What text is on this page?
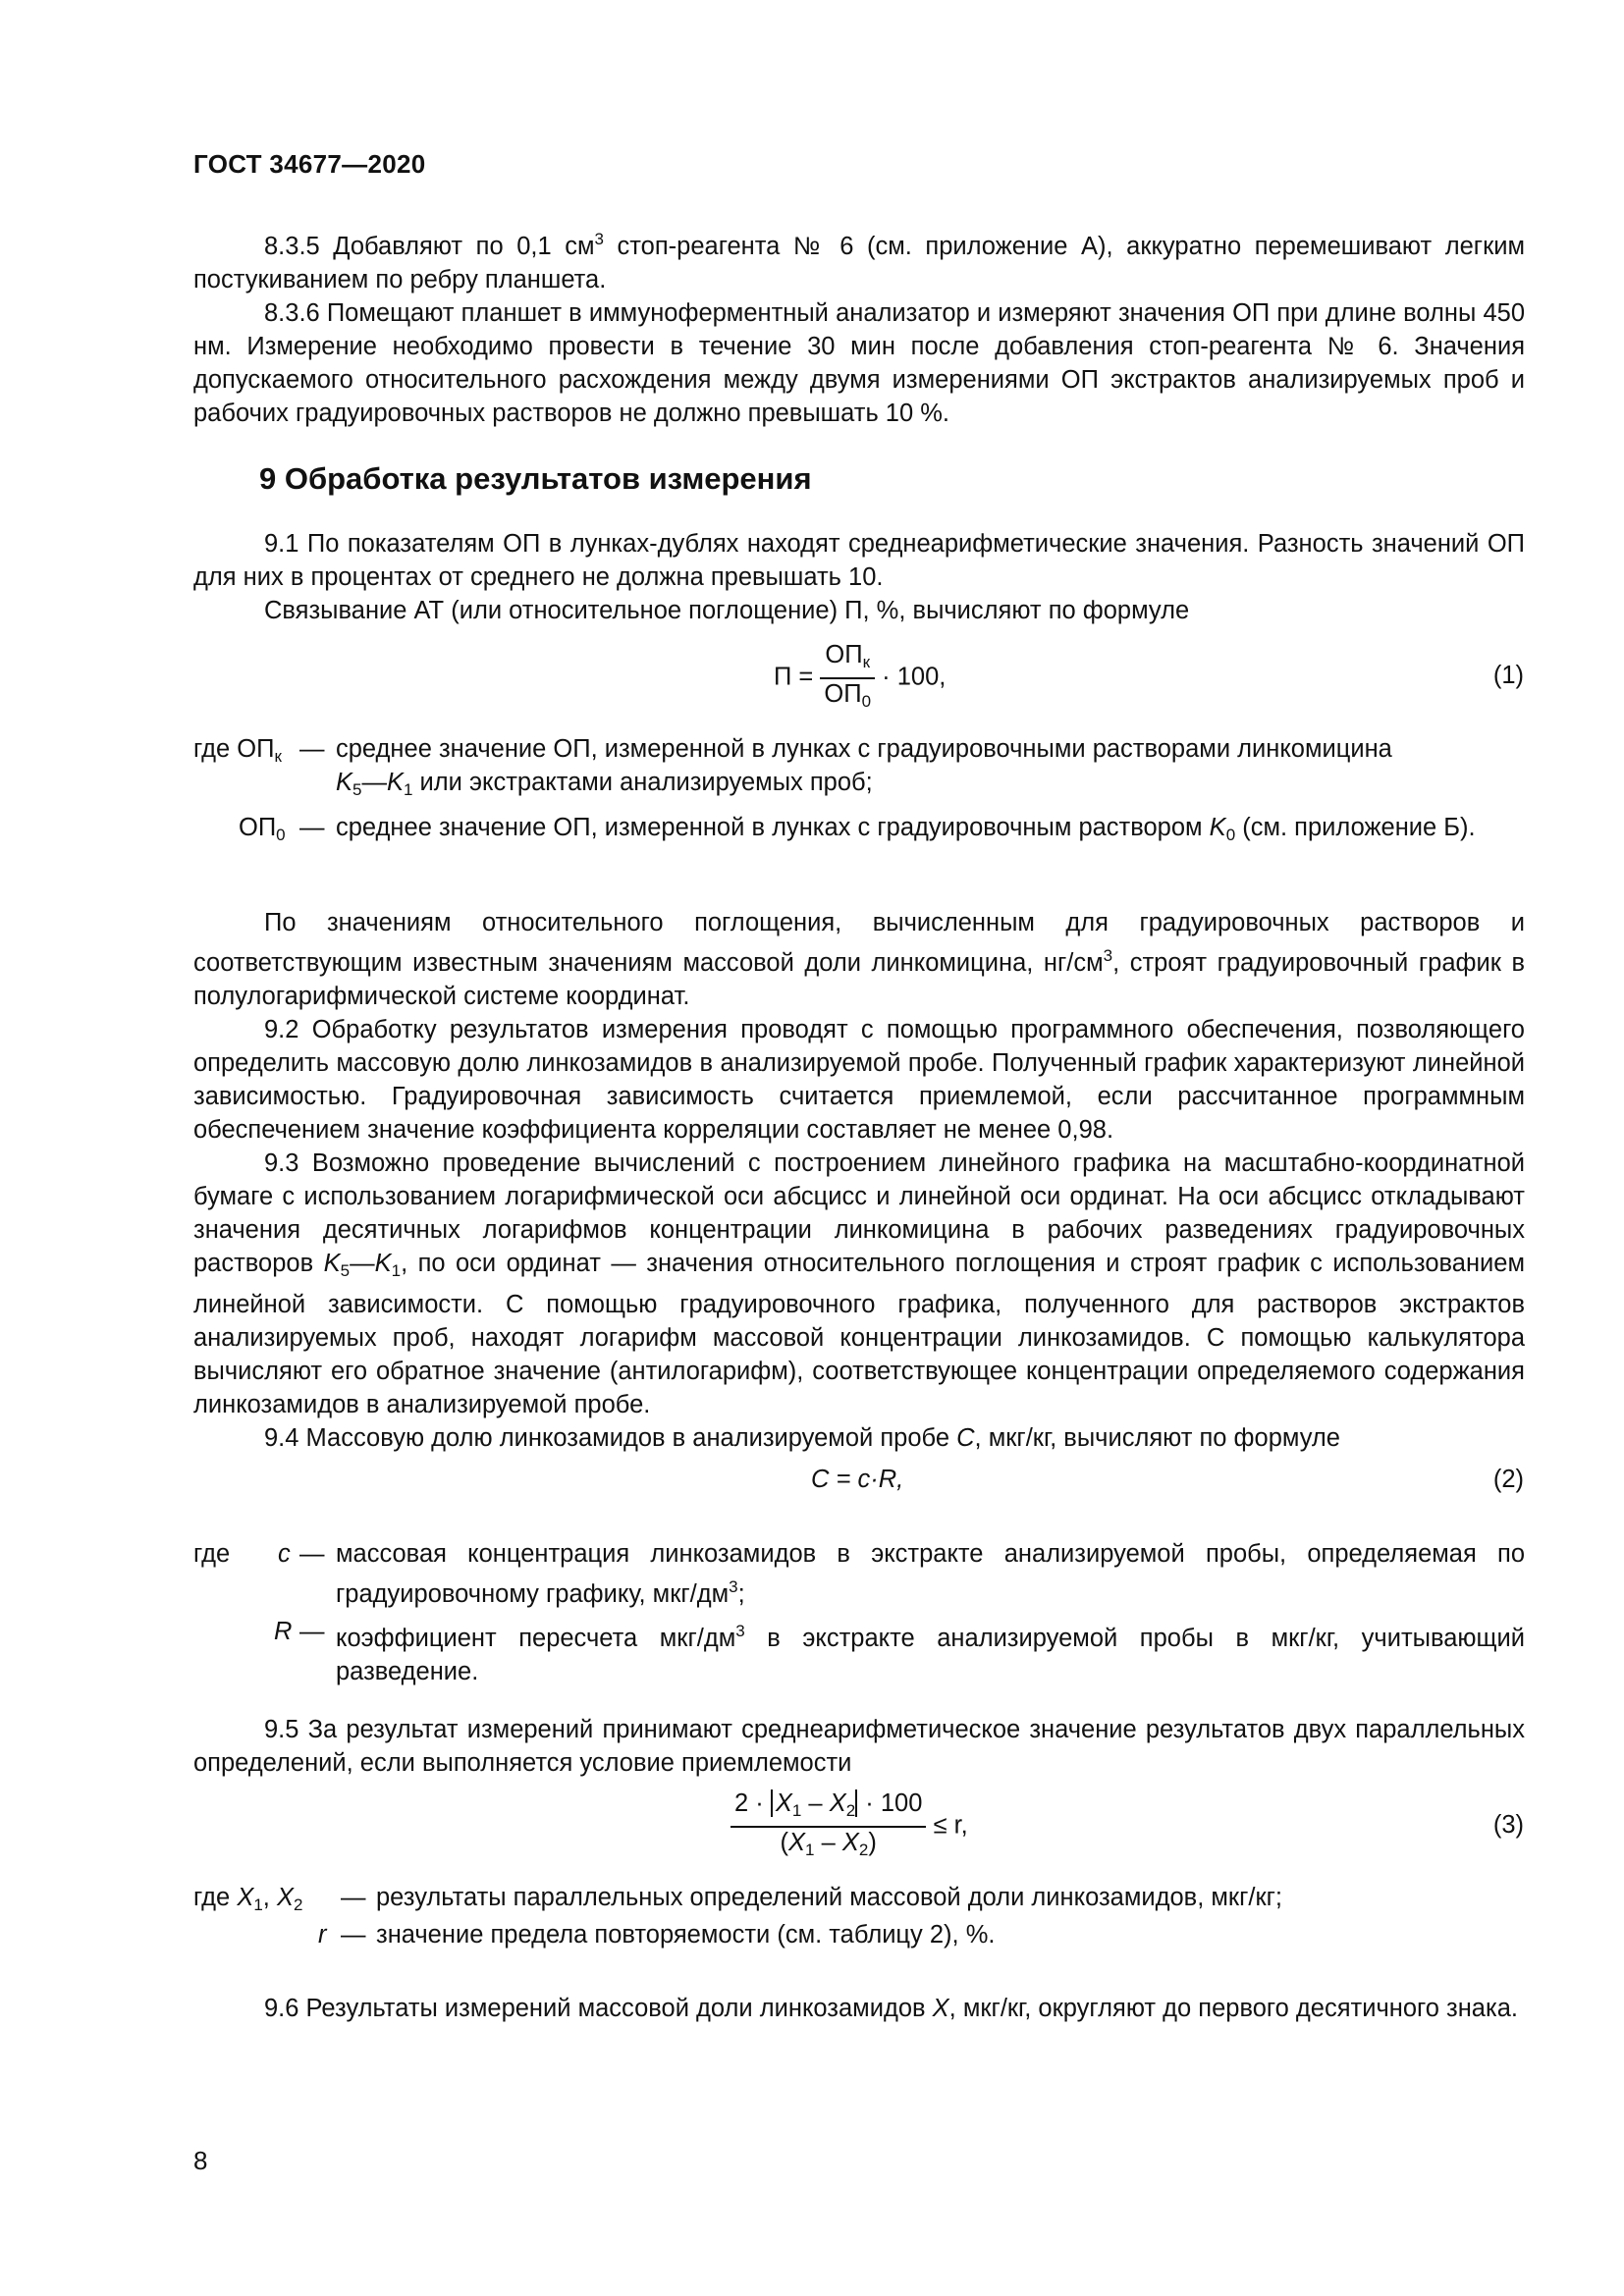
ГОСТ 34677—2020

8.3.5 Добавляют по 0,1 $см^3$ стоп-реагента № 6 (см. приложение А), аккуратно перемешивают легким постукиванием по ребру планшета.

8.3.6 Помещают планшет в иммуноферментный анализатор и измеряют значения ОП при длине волны 450 нм. Измерение необходимо провести в течение 30 мин после добавления стоп-реагента № 6. Значения допускаемого относительного расхождения между двумя измерениями ОП экстрактов анализируемых проб и рабочих градуировочных растворов не должно превышать 10 %.

9 Обработка результатов измерения

9.1 По показателям ОП в лунках-дублях находят среднеарифметические значения. Разность значений ОП для них в процентах от среднего не должна превышать 10.

Связывание АТ (или относительное поглощение) П, %, вычисляют по формуле

$П = \frac{ОП_к}{ОП_0} \cdot 100$,	(1)
где $ОП_к$ — среднее значение ОП, измеренной в лунках с градуировочными растворами линкомицина
$K_5—K_1$ или экстрактами анализируемых проб;
$ОП_0$ — среднее значение ОП, измеренной в лунках с градуировочным раствором $K_0$ (см. приложение Б).

По значениям относительного поглощения, вычисленным для градуировочных растворов и соответствующим известным значениям массовой доли линкомицина, $нг/см^3$, строят градуировочный график в полулогарифмической системе координат.

9.2 Обработку результатов измерения проводят с помощью программного обеспечения, позволяющего определить массовую долю линкозамидов в анализируемой пробе. Полученный график характеризуют линейной зависимостью. Градуировочная зависимость считается приемлемой, если рассчитанное программным обеспечением значение коэффициента корреляции составляет не менее 0,98.

9.3 Возможно проведение вычислений с построением линейного графика на масштабно-координатной бумаге с использованием логарифмической оси абсцисс и линейной оси ординат. На оси абсцисс откладывают значения десятичных логарифмов концентрации линкомицина в рабочих разведениях градуировочных растворов $K_5—K_1$, по оси ординат — значения относительного поглощения и строят график с использованием линейной зависимости. С помощью градуировочного графика, полученного для растворов экстрактов анализируемых проб, находят логарифм массовой концентрации линкозамидов. С помощью калькулятора вычисляют его обратное значение (антилогарифм), соответствующее концентрации определяемого содержания линкозамидов в анализируемой пробе.

9.4 Массовую долю линкозамидов в анализируемой пробе C, мкг/кг, вычисляют по формуле

C = c·R,	(2)
где c — массовая концентрация линкозамидов в экстракте анализируемой пробы, определяемая по градуировочному графику, мкг/$дм^3$;
R — коэффициент пересчета мкг/$дм^3$ в экстракте анализируемой пробы в мкг/кг, учитывающий разведение.

9.5 За результат измерений принимают среднеарифметическое значение результатов двух параллельных определений, если выполняется условие приемлемости

$\frac{2 \cdot X_1 - X_2 \cdot 100}{(X_1 - X_2)} \le r$,	(3)
где $X_1$, $X_2$ — результаты параллельных определений массовой доли линкозамидов, мкг/кг;
r — значение предела повторяемости (см. таблицу 2), %.

9.6 Результаты измерений массовой доли линкозамидов X, мкг/кг, округляют до первого десятичного знака.

8
